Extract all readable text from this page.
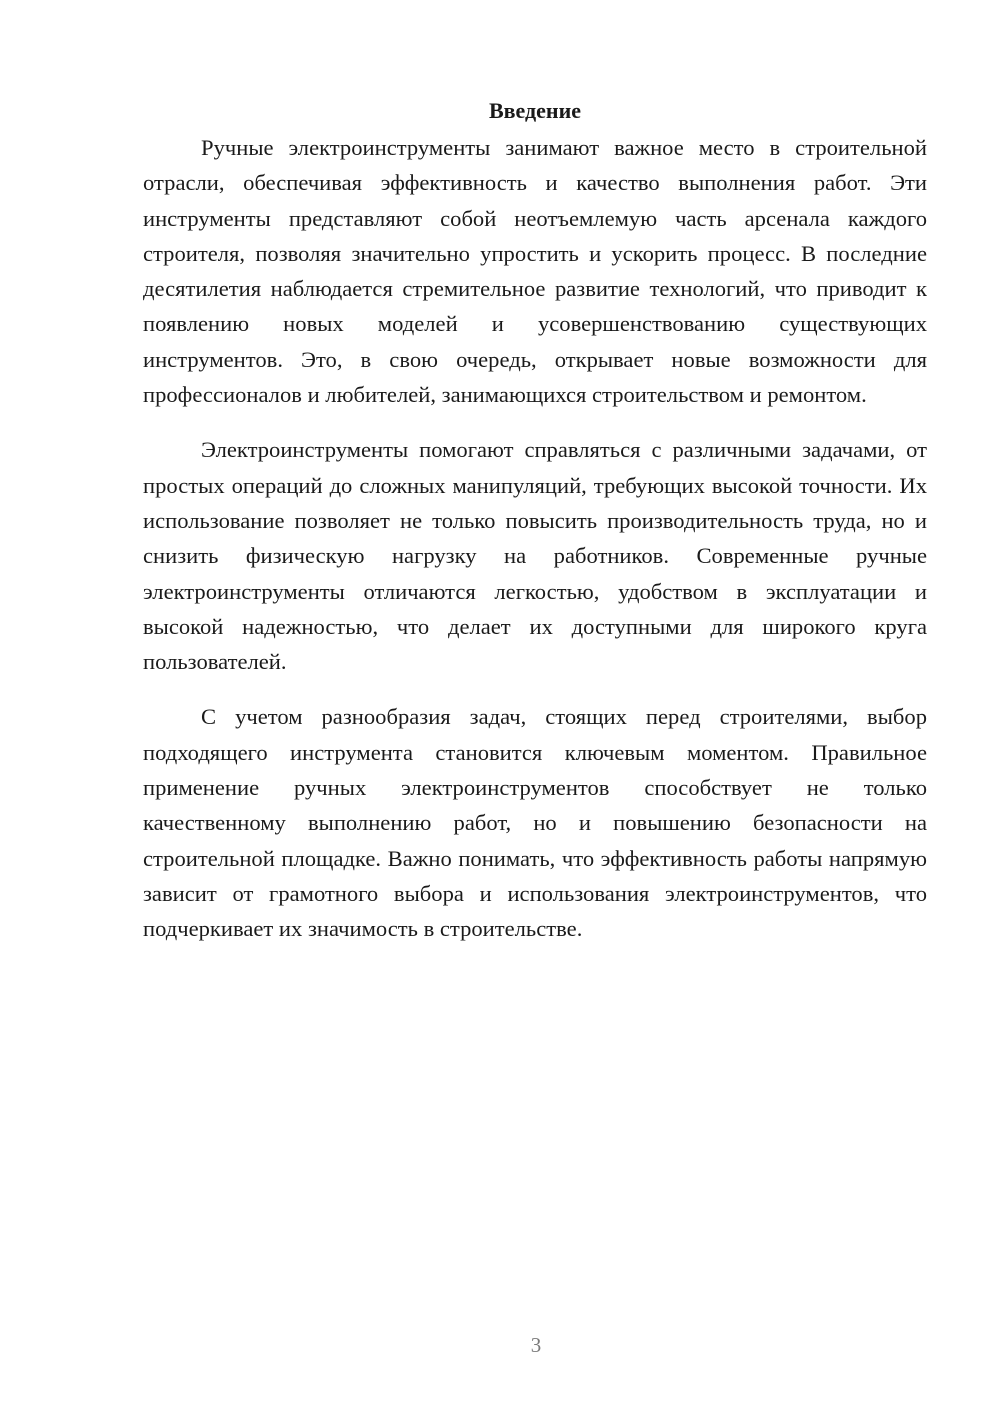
Введение

Ручные электроинструменты занимают важное место в строительной отрасли, обеспечивая эффективность и качество выполнения работ. Эти инструменты представляют собой неотъемлемую часть арсенала каждого строителя, позволяя значительно упростить и ускорить процесс. В последние десятилетия наблюдается стремительное развитие технологий, что приводит к появлению новых моделей и усовершенствованию существующих инструментов. Это, в свою очередь, открывает новые возможности для профессионалов и любителей, занимающихся строительством и ремонтом.

Электроинструменты помогают справляться с различными задачами, от простых операций до сложных манипуляций, требующих высокой точности. Их использование позволяет не только повысить производительность труда, но и снизить физическую нагрузку на работников. Современные ручные электроинструменты отличаются легкостью, удобством в эксплуатации и высокой надежностью, что делает их доступными для широкого круга пользователей.

С учетом разнообразия задач, стоящих перед строителями, выбор подходящего инструмента становится ключевым моментом. Правильное применение ручных электроинструментов способствует не только качественному выполнению работ, но и повышению безопасности на строительной площадке. Важно понимать, что эффективность работы напрямую зависит от грамотного выбора и использования электроинструментов, что подчеркивает их значимость в строительстве.

3
